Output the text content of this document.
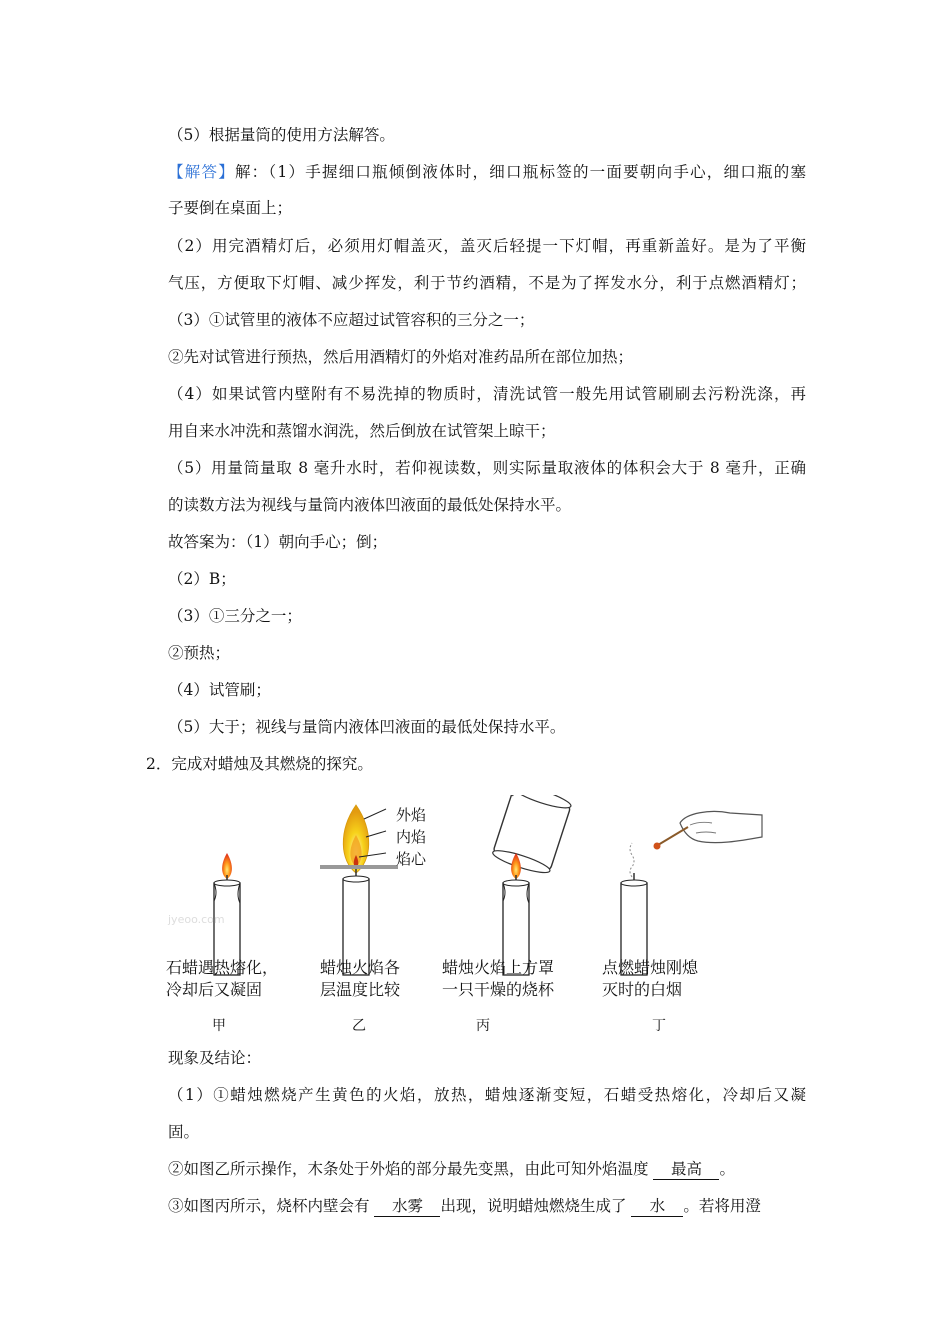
（5）根据量筒的使用方法解答。
【解答】解：（1）手握细口瓶倾倒液体时，细口瓶标签的一面要朝向手心，细口瓶的塞
子要倒在桌面上；
（2）用完酒精灯后，必须用灯帽盖灭，盖灭后轻提一下灯帽，再重新盖好。是为了平衡
气压，方便取下灯帽、减少挥发，利于节约酒精，不是为了挥发水分，利于点燃酒精灯；
（3）①试管里的液体不应超过试管容积的三分之一；
②先对试管进行预热，然后用酒精灯的外焰对准药品所在部位加热；
（4）如果试管内壁附有不易洗掉的物质时，清洗试管一般先用试管刷刷去污粉洗涤，再
用自来水冲洗和蒸馏水润洗，然后倒放在试管架上晾干；
（5）用量筒量取 8 毫升水时，若仰视读数，则实际量取液体的体积会大于 8 毫升，正确
的读数方法为视线与量筒内液体凹液面的最低处保持水平。
故答案为：（1）朝向手心；倒；
（2）B；
（3）①三分之一；
②预热；
（4）试管刷；
（5）大于；视线与量筒内液体凹液面的最低处保持水平。
2．完成对蜡烛及其燃烧的探究。
jyeoo.com
外焰
内焰
焰心
石蜡遇热熔化，
冷却后又凝固
蜡烛火焰各
层温度比较
蜡烛火焰上方罩
一只干燥的烧杯
点燃蜡烛刚熄
灭时的白烟
甲	乙	丙	丁
现象及结论：
（1）①蜡烛燃烧产生黄色的火焰，放热，蜡烛逐渐变短，石蜡受热熔化，冷却后又凝
固。
②如图乙所示操作，木条处于外焰的部分最先变黑，由此可知外焰温度 最高 。
③如图丙所示，烧杯内壁会有 水雾 出现，说明蜡烛燃烧生成了 水 。若将用澄
